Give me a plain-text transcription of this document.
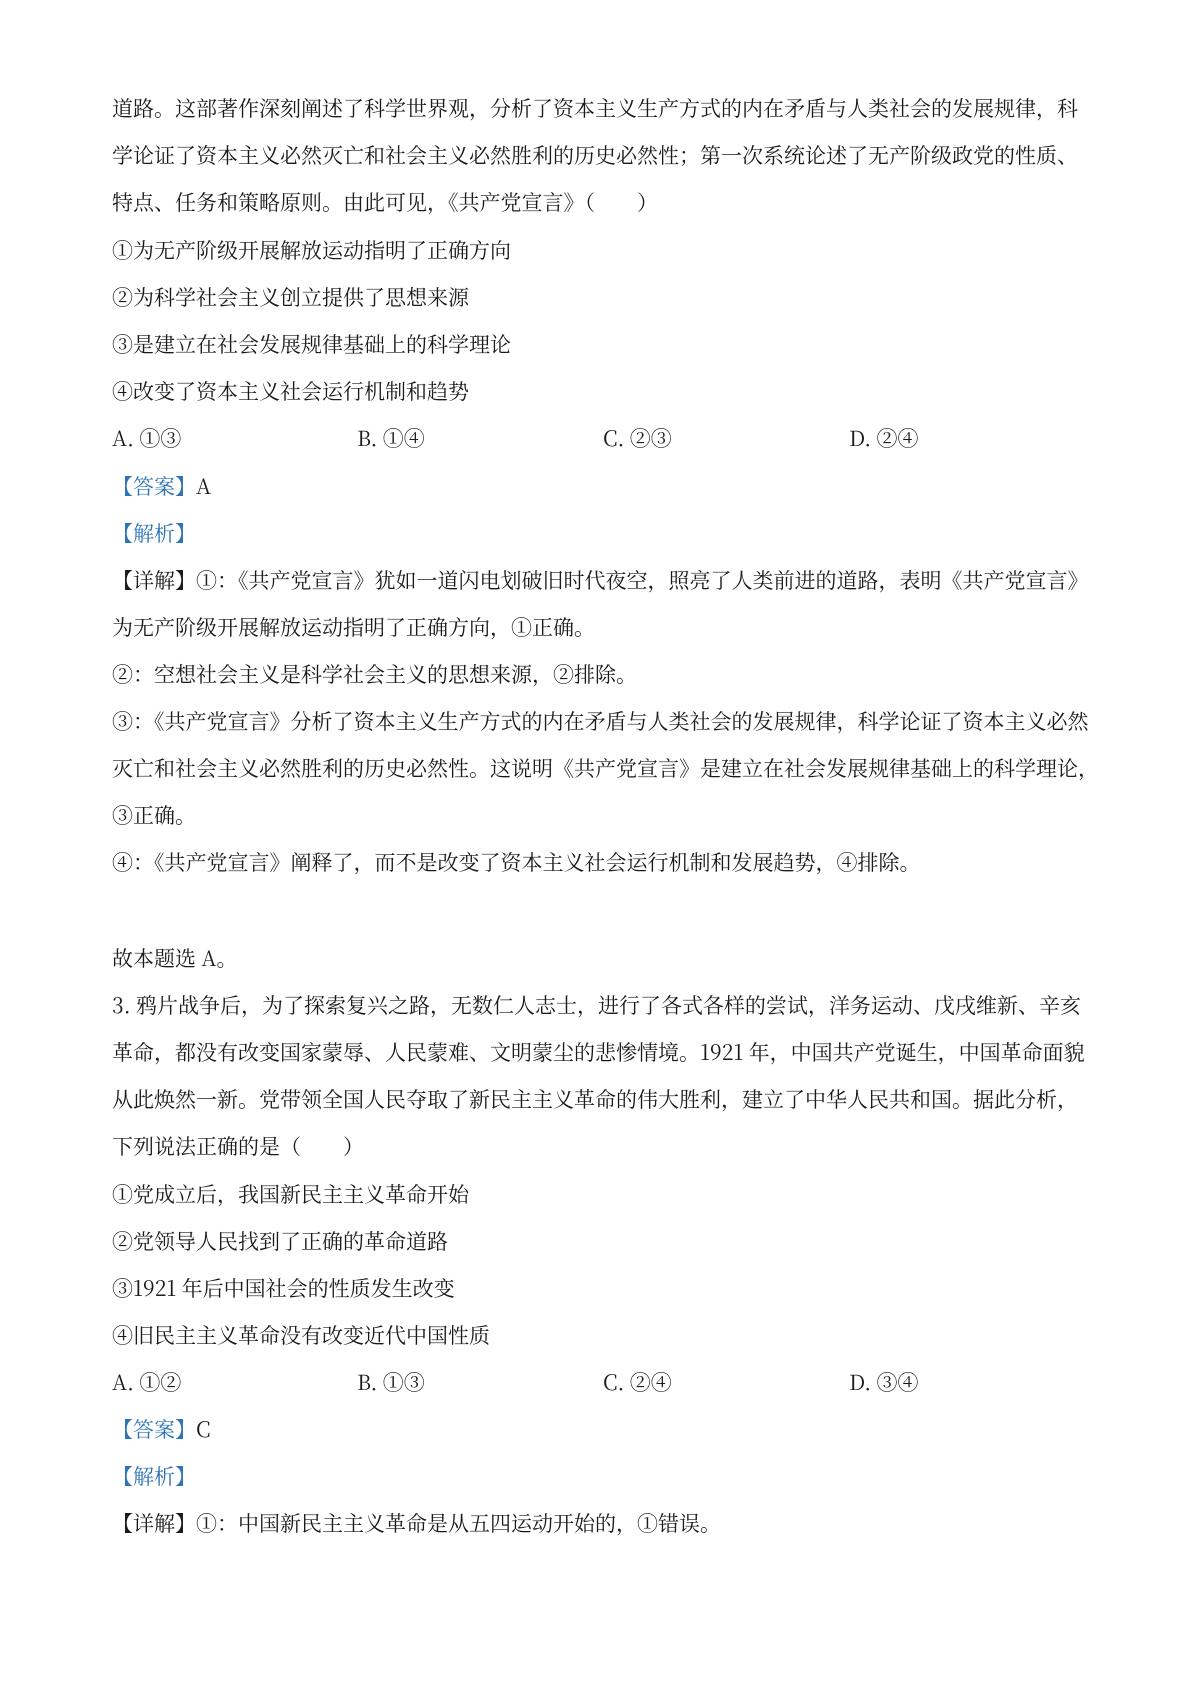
道路。这部著作深刻阐述了科学世界观，分析了资本主义生产方式的内在矛盾与人类社会的发展规律，科
学论证了资本主义必然灭亡和社会主义必然胜利的历史必然性；第一次系统论述了无产阶级政党的性质、
特点、任务和策略原则。由此可见，《共产党宣言》（　　）
①为无产阶级开展解放运动指明了正确方向
②为科学社会主义创立提供了思想来源
③是建立在社会发展规律基础上的科学理论
④改变了资本主义社会运行机制和趋势
A. ①③	B. ①④	C. ②③	D. ②④
【答案】A
【解析】
【详解】①：《共产党宣言》犹如一道闪电划破旧时代夜空，照亮了人类前进的道路，表明《共产党宣言》
为无产阶级开展解放运动指明了正确方向，①正确。
②：空想社会主义是科学社会主义的思想来源，②排除。
③：《共产党宣言》分析了资本主义生产方式的内在矛盾与人类社会的发展规律，科学论证了资本主义必然
灭亡和社会主义必然胜利的历史必然性。这说明《共产党宣言》是建立在社会发展规律基础上的科学理论，
③正确。
④：《共产党宣言》阐释了，而不是改变了资本主义社会运行机制和发展趋势，④排除。
故本题选 A。
3. 鸦片战争后，为了探索复兴之路，无数仁人志士，进行了各式各样的尝试，洋务运动、戊戌维新、辛亥
革命，都没有改变国家蒙辱、人民蒙难、文明蒙尘的悲惨情境。1921 年，中国共产党诞生，中国革命面貌
从此焕然一新。党带领全国人民夺取了新民主主义革命的伟大胜利，建立了中华人民共和国。据此分析，
下列说法正确的是（　　）
①党成立后，我国新民主主义革命开始
②党领导人民找到了正确的革命道路
③1921 年后中国社会的性质发生改变
④旧民主主义革命没有改变近代中国性质
A. ①②	B. ①③	C. ②④	D. ③④
【答案】C
【解析】
【详解】①：中国新民主主义革命是从五四运动开始的，①错误。
